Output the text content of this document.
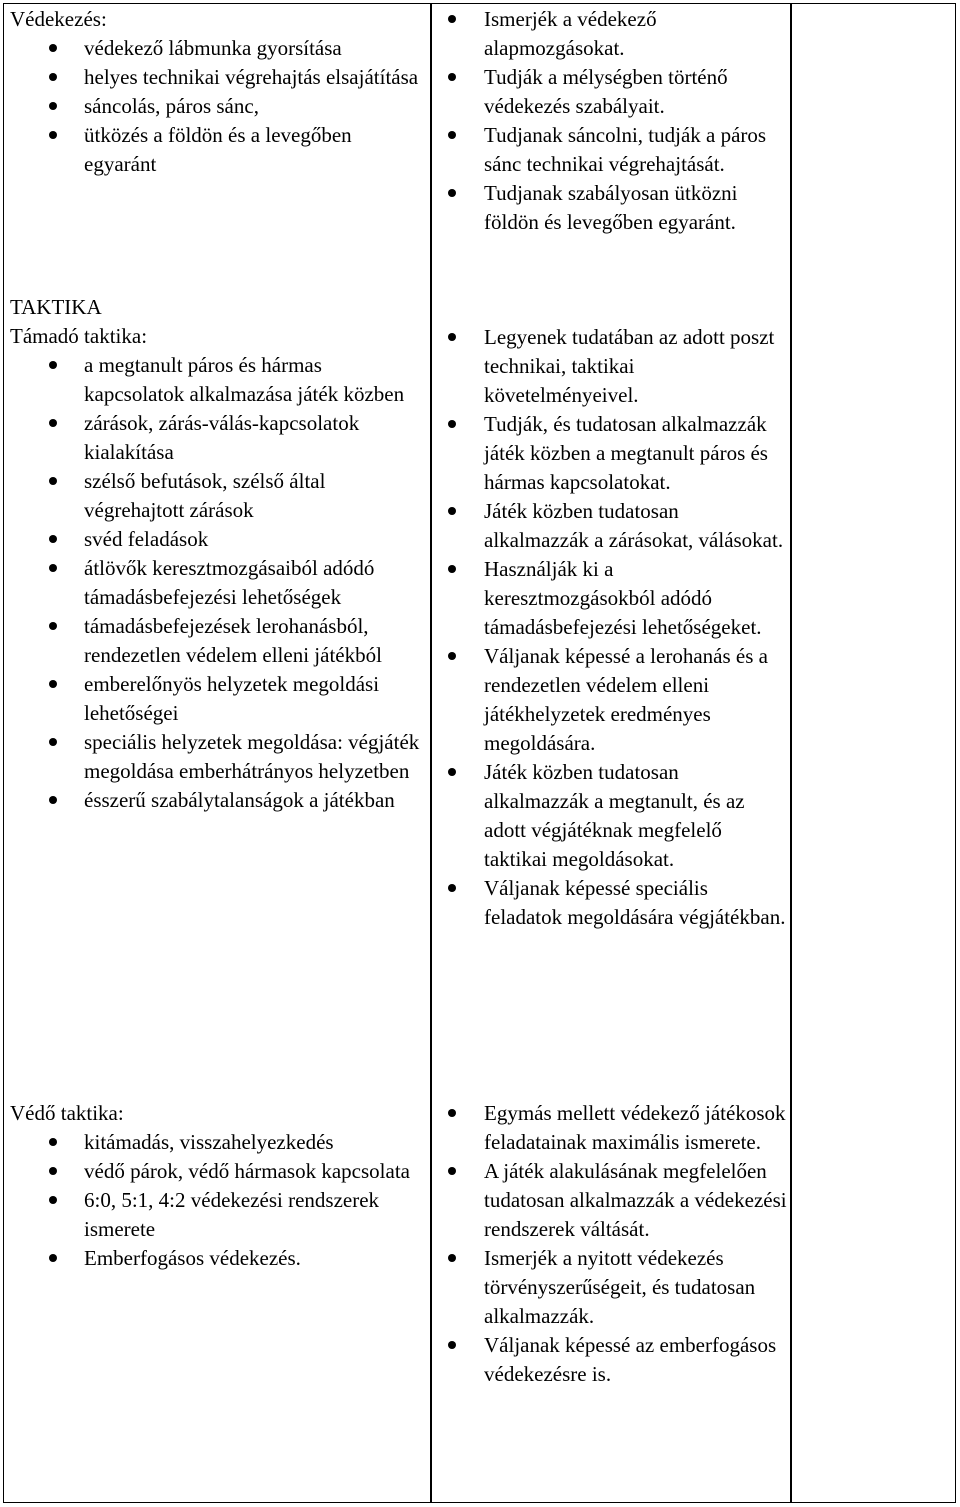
Védekezés:

védekező lábmunka gyorsítása
helyes technikai végrehajtás elsajátítása
sáncolás, páros sánc,
ütközés a földön és a levegőben egyaránt

TAKTIKA

Támadó taktika:

a megtanult páros és hármas kapcsolatok alkalmazása játék közben
zárások, zárás-válás-kapcsolatok kialakítása
szélső befutások, szélső által végrehajtott zárások
svéd feladások
átlövők keresztmozgásaiból adódó támadásbefejezési lehetőségek
támadásbefejezések lerohanásból, rendezetlen védelem elleni játékból
emberelőnyös helyzetek megoldási lehetőségei
speciális helyzetek megoldása: végjáték megoldása emberhátrányos helyzetben
ésszerű szabálytalanságok a játékban

Védő taktika:

kitámadás, visszahelyezkedés
védő párok, védő hármasok kapcsolata
6:0, 5:1, 4:2 védekezési rendszerek ismerete
Emberfogásos védekezés.
Ismerjék a védekező alapmozgásokat.
Tudják a mélységben történő védekezés szabályait.
Tudjanak sáncolni, tudják a páros sánc technikai végrehajtását.
Tudjanak szabályosan ütközni földön és levegőben egyaránt.
Legyenek tudatában az adott poszt technikai, taktikai követelményeivel.
Tudják, és tudatosan alkalmazzák játék közben a megtanult páros és hármas kapcsolatokat.
Játék közben tudatosan alkalmazzák a zárásokat, válásokat.
Használják ki a keresztmozgásokból adódó támadásbefejezési lehetőségeket.
Váljanak képessé a lerohanás és a rendezetlen védelem elleni játékhelyzetek eredményes megoldására.
Játék közben tudatosan alkalmazzák a megtanult, és az adott végjátéknak megfelelő taktikai megoldásokat.
Váljanak képessé speciális feladatok megoldására végjátékban.
Egymás mellett védekező játékosok feladatainak maximális ismerete.
A játék alakulásának megfelelően tudatosan alkalmazzák a védekezési rendszerek váltását.
Ismerjék a nyitott védekezés törvényszerűségeit, és tudatosan alkalmazzák.
Váljanak képessé az emberfogásos védekezésre is.
